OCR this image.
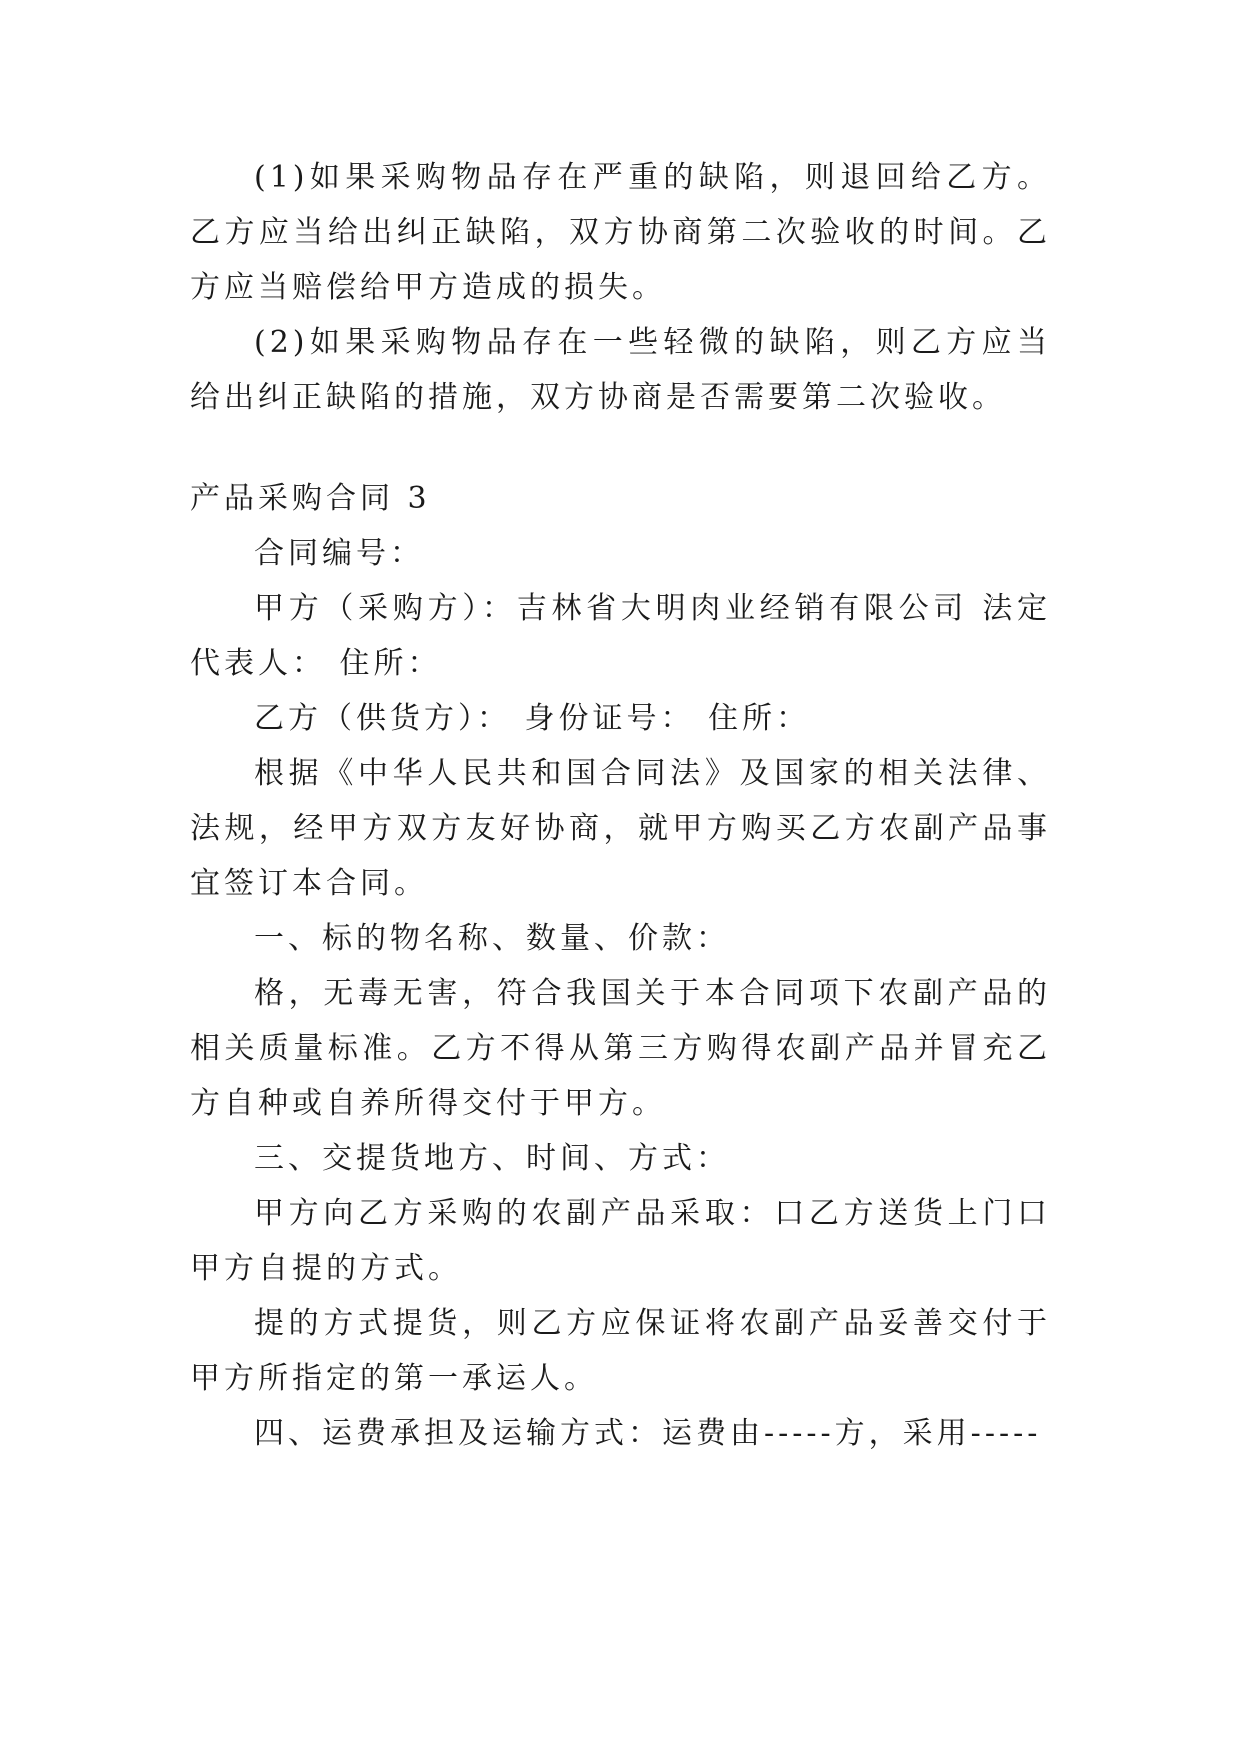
(1)如果采购物品存在严重的缺陷，则退回给乙方。乙方应当给出纠正缺陷，双方协商第二次验收的时间。乙方应当赔偿给甲方造成的损失。

(2)如果采购物品存在一些轻微的缺陷，则乙方应当给出纠正缺陷的措施，双方协商是否需要第二次验收。

产品采购合同 3

合同编号：

甲方（采购方）：吉林省大明肉业经销有限公司 法定代表人： 住所：

乙方（供货方）： 身份证号： 住所：

根据《中华人民共和国合同法》及国家的相关法律、法规，经甲方双方友好协商，就甲方购买乙方农副产品事宜签订本合同。

一、标的物名称、数量、价款：

格，无毒无害，符合我国关于本合同项下农副产品的相关质量标准。乙方不得从第三方购得农副产品并冒充乙方自种或自养所得交付于甲方。

三、交提货地方、时间、方式：

甲方向乙方采购的农副产品采取：口乙方送货上门口甲方自提的方式。

提的方式提货，则乙方应保证将农副产品妥善交付于甲方所指定的第一承运人。

四、运费承担及运输方式：运费由-----方，采用-----
